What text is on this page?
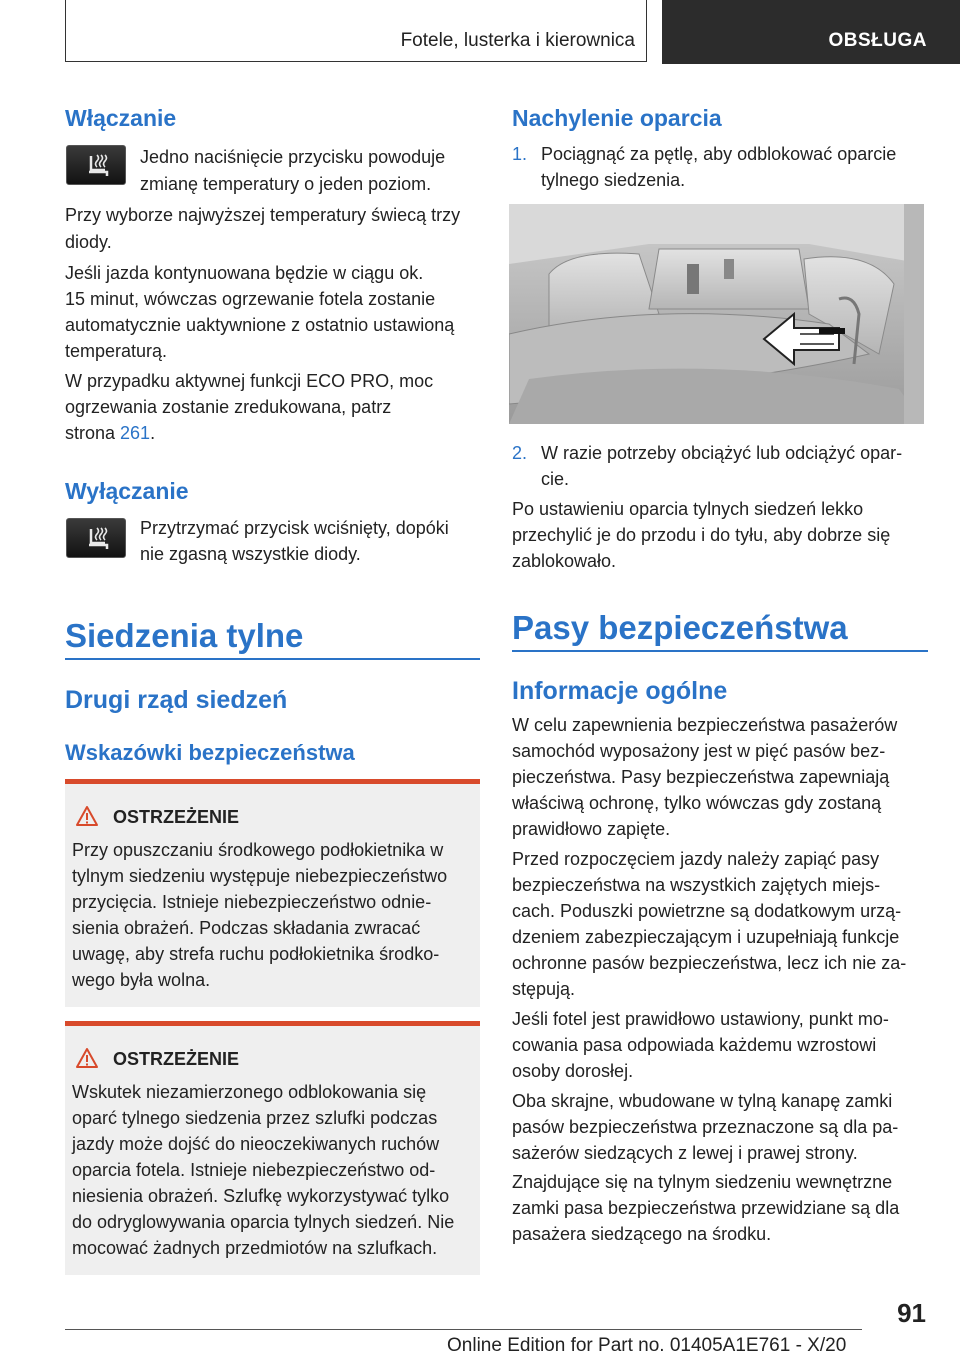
Fotele, lusterka i kierownica	OBSŁUGA
Włączanie
Jedno naciśnięcie przycisku powoduje
zmianę temperatury o jeden poziom.
Przy wyborze najwyższej temperatury świecą trzy
diody.
Jeśli jazda kontynuowana będzie w ciągu ok.
15 minut, wówczas ogrzewanie fotela zostanie
automatycznie uaktywnione z ostatnio ustawioną
temperaturą.
W przypadku aktywnej funkcji ECO PRO, moc
ogrzewania zostanie zredukowana, patrz
strona 261.
Wyłączanie
Przytrzymać przycisk wciśnięty, dopóki
nie zgasną wszystkie diody.
Siedzenia tylne
Drugi rząd siedzeń
Wskazówki bezpieczeństwa
OSTRZEŻENIE
Przy opuszczaniu środkowego podłokietnika w
tylnym siedzeniu występuje niebezpieczeństwo
przycięcia. Istnieje niebezpieczeństwo odnie-
sienia obrażeń. Podczas składania zwracać
uwagę, aby strefa ruchu podłokietnika środko-
wego była wolna.
OSTRZEŻENIE
Wskutek niezamierzonego odblokowania się
oparć tylnego siedzenia przez szlufki podczas
jazdy może dojść do nieoczekiwanych ruchów
oparcia fotela. Istnieje niebezpieczeństwo od-
niesienia obrażeń. Szlufkę wykorzystywać tylko
do odryglowywania oparcia tylnych siedzeń. Nie
mocować żadnych przedmiotów na szlufkach.
Nachylenie oparcia
1. Pociągnąć za pętlę, aby odblokować oparcie
tylnego siedzenia.
2. W razie potrzeby obciążyć lub odciążyć opar-
cie.
Po ustawieniu oparcia tylnych siedzeń lekko
przechylić je do przodu i do tyłu, aby dobrze się
zablokowało.
Pasy bezpieczeństwa
Informacje ogólne
W celu zapewnienia bezpieczeństwa pasażerów
samochód wyposażony jest w pięć pasów bez-
pieczeństwa. Pasy bezpieczeństwa zapewniają
właściwą ochronę, tylko wówczas gdy zostaną
prawidłowo zapięte.
Przed rozpoczęciem jazdy należy zapiąć pasy
bezpieczeństwa na wszystkich zajętych miejs-
cach. Poduszki powietrzne są dodatkowym urzą-
dzeniem zabezpieczającym i uzupełniają funkcje
ochronne pasów bezpieczeństwa, lecz ich nie za-
stępują.
Jeśli fotel jest prawidłowo ustawiony, punkt mo-
cowania pasa odpowiada każdemu wzrostowi
osoby dorosłej.
Oba skrajne, wbudowane w tylną kanapę zamki
pasów bezpieczeństwa przeznaczone są dla pa-
sażerów siedzących z lewej i prawej strony.
Znajdujące się na tylnym siedzeniu wewnętrzne
zamki pasa bezpieczeństwa przewidziane są dla
pasażera siedzącego na środku.
91
Online Edition for Part no. 01405A1E761 - X/20
